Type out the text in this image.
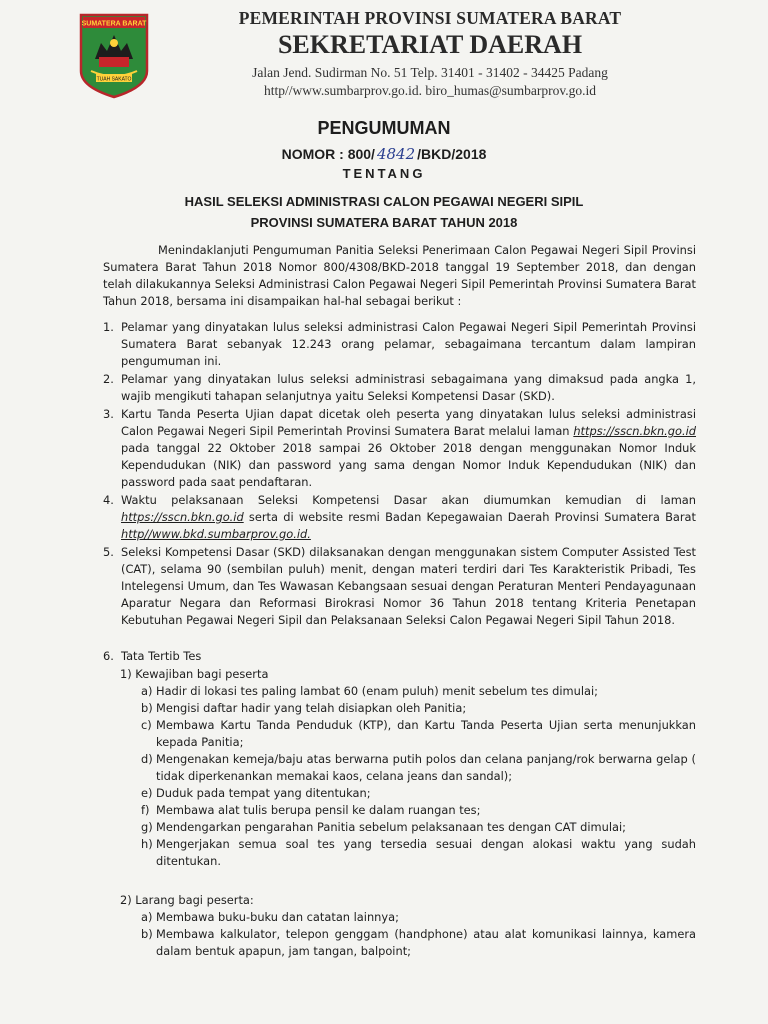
SUMATERA BARAT
TUAH SAKATO
PEMERINTAH PROVINSI SUMATERA BARAT
SEKRETARIAT DAERAH
Jalan Jend. Sudirman No. 51 Telp. 31401 - 31402 - 34425 Padang
http//www.sumbarprov.go.id. biro_humas@sumbarprov.go.id
PENGUMUMAN
NOMOR : 800/ 4842 /BKD/2018
TENTANG
HASIL SELEKSI ADMINISTRASI CALON PEGAWAI NEGERI SIPIL
PROVINSI SUMATERA BARAT TAHUN 2018

Menindaklanjuti Pengumuman Panitia Seleksi Penerimaan Calon Pegawai Negeri Sipil Provinsi Sumatera Barat Tahun 2018 Nomor 800/4308/BKD-2018 tanggal 19 September 2018, dan dengan telah dilakukannya Seleksi Administrasi Calon Pegawai Negeri Sipil Pemerintah Provinsi Sumatera Barat Tahun 2018, bersama ini disampaikan hal-hal sebagai berikut :

1. Pelamar yang dinyatakan lulus seleksi administrasi Calon Pegawai Negeri Sipil Pemerintah Provinsi Sumatera Barat sebanyak 12.243 orang pelamar, sebagaimana tercantum dalam lampiran pengumuman ini.
2. Pelamar yang dinyatakan lulus seleksi administrasi sebagaimana yang dimaksud pada angka 1, wajib mengikuti tahapan selanjutnya yaitu Seleksi Kompetensi Dasar (SKD).
3. Kartu Tanda Peserta Ujian dapat dicetak oleh peserta yang dinyatakan lulus seleksi administrasi Calon Pegawai Negeri Sipil Pemerintah Provinsi Sumatera Barat melalui laman https://sscn.bkn.go.id pada tanggal 22 Oktober 2018 sampai 26 Oktober 2018 dengan menggunakan Nomor Induk Kependudukan (NIK) dan password yang sama dengan Nomor Induk Kependudukan (NIK) dan password pada saat pendaftaran.
4. Waktu pelaksanaan Seleksi Kompetensi Dasar akan diumumkan kemudian di laman https://sscn.bkn.go.id serta di website resmi Badan Kepegawaian Daerah Provinsi Sumatera Barat http//www.bkd.sumbarprov.go.id.
5. Seleksi Kompetensi Dasar (SKD) dilaksanakan dengan menggunakan sistem Computer Assisted Test (CAT), selama 90 (sembilan puluh) menit, dengan materi terdiri dari Tes Karakteristik Pribadi, Tes Intelegensi Umum, dan Tes Wawasan Kebangsaan sesuai dengan Peraturan Menteri Pendayagunaan Aparatur Negara dan Reformasi Birokrasi Nomor 36 Tahun 2018 tentang Kriteria Penetapan Kebutuhan Pegawai Negeri Sipil dan Pelaksanaan Seleksi Calon Pegawai Negeri Sipil Tahun 2018.
6. Tata Tertib Tes
1) Kewajiban bagi peserta
a) Hadir di lokasi tes paling lambat 60 (enam puluh) menit sebelum tes dimulai;
b) Mengisi daftar hadir yang telah disiapkan oleh Panitia;
c) Membawa Kartu Tanda Penduduk (KTP), dan Kartu Tanda Peserta Ujian serta menunjukkan kepada Panitia;
d) Mengenakan kemeja/baju atas berwarna putih polos dan celana panjang/rok berwarna gelap ( tidak diperkenankan memakai kaos, celana jeans dan sandal);
e) Duduk pada tempat yang ditentukan;
f) Membawa alat tulis berupa pensil ke dalam ruangan tes;
g) Mendengarkan pengarahan Panitia sebelum pelaksanaan tes dengan CAT dimulai;
h) Mengerjakan semua soal tes yang tersedia sesuai dengan alokasi waktu yang sudah ditentukan.
2) Larang bagi peserta:
a) Membawa buku-buku dan catatan lainnya;
b) Membawa kalkulator, telepon genggam (handphone) atau alat komunikasi lainnya, kamera dalam bentuk apapun, jam tangan, balpoint;
